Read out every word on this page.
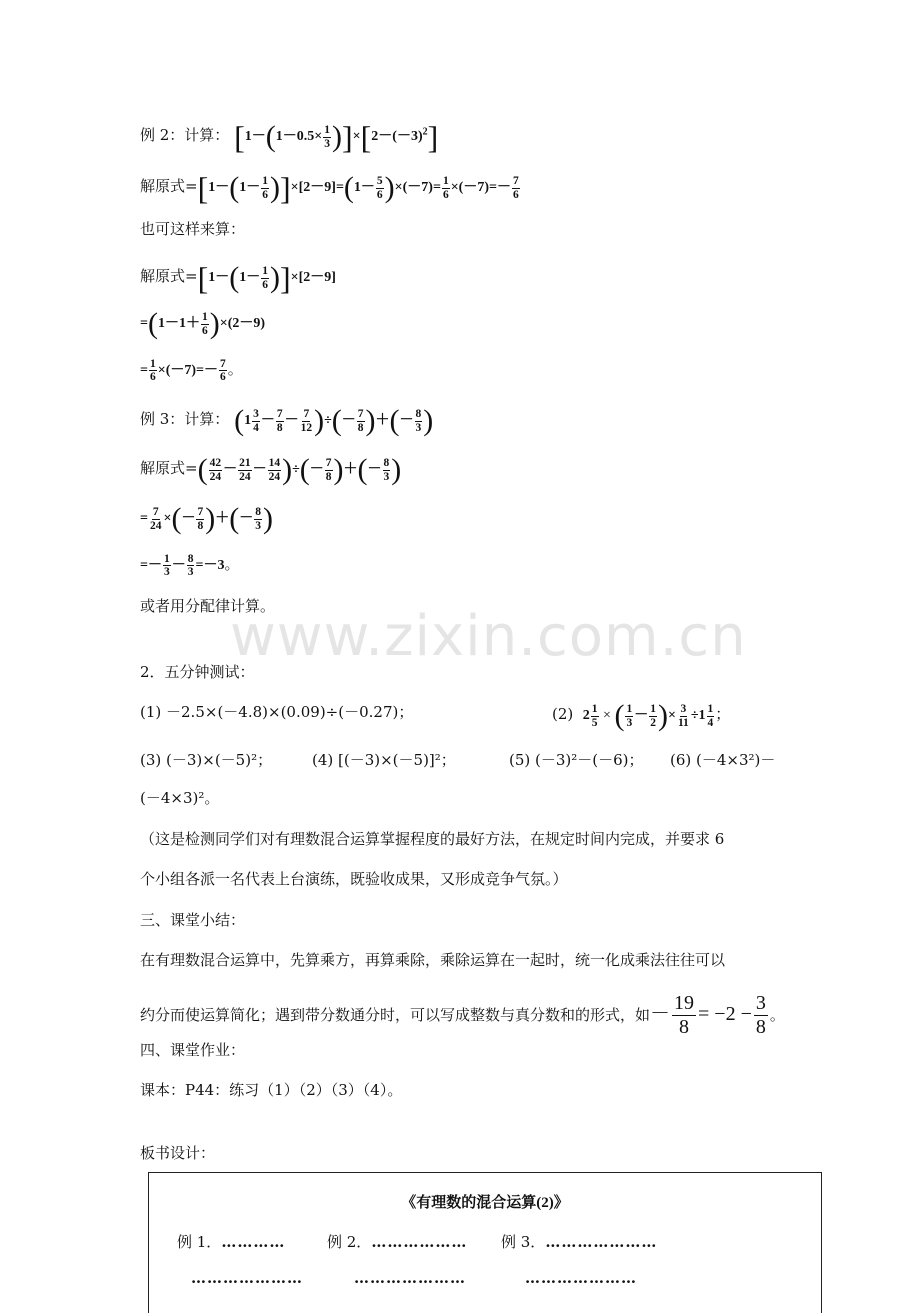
例 2：计算： $[1-(1-0.5\times \frac{1}{3} )]\times[2-(-3)^2]$
解原式$=[1-(1- \frac{1}{6} )]\times[2-9]=(1- \frac{5}{6} )\times(-7)= \frac{1}{6} \times(-7)=- \frac{7}{6}$
也可这样来算：
解原式$=[1-(1- \frac{1}{6} )]\times[2-9]$
$=(1-1+ \frac{1}{6} )\times(2-9)$
= $\frac{1}{6} \times(-7)=- \frac{7}{6}$ 。
例 3：计算： ($1 \frac{3}{4} - \frac{7}{8} - \frac{7}{12}$ )÷(－ $\frac{7}{8}$ )＋(－ $\frac{8}{3}$ )
解原式=( $\frac{42}{24} - \frac{21}{24} - \frac{14}{24}$ )÷(－ $\frac{7}{8}$ )＋(－ $\frac{8}{3}$ )
= $\frac{7}{24}$ ×(－ $\frac{7}{8}$ )＋(－ $\frac{8}{3}$ )
=－ $\frac{1}{3} - \frac{8}{3} =-3$。
或者用分配律计算。
www.zixin.com.cn
2．五分钟测试：
(1) －2.5×(－4.8)×(0.09)÷(－0.27)；	(2) $2 \frac{1}{5}$ × ( $\frac{1}{3} - \frac{1}{2}$ )× $\frac{3}{11} \div 1 \frac{1}{4}$ ；
(3) (－3)×(－5)²；	(4) [(－3)×(－5)]²；	(5) (－3)²－(－6)； (6) (－4×3²)－
(－4×3)²。
（这是检测同学们对有理数混合运算掌握程度的最好方法，在规定时间内完成，并要求 6
个小组各派一名代表上台演练，既验收成果，又形成竞争气氛。）
三、课堂小结：
在有理数混合运算中，先算乘方，再算乘除，乘除运算在一起时，统一化成乘法往往可以
约分而使运算简化；遇到带分数通分时，可以写成整数与真分数和的形式，如－ $\frac{19}{8} = -2 - \frac{3}{8}$ 。
四、课堂作业：
课本：P44：练习（1）（2）（3）（4）。
板书设计：
《有理数的混合运算(2)》
例 1．…………	例 2．……………… 例 3．…………………
…………………	…………………	…………………
